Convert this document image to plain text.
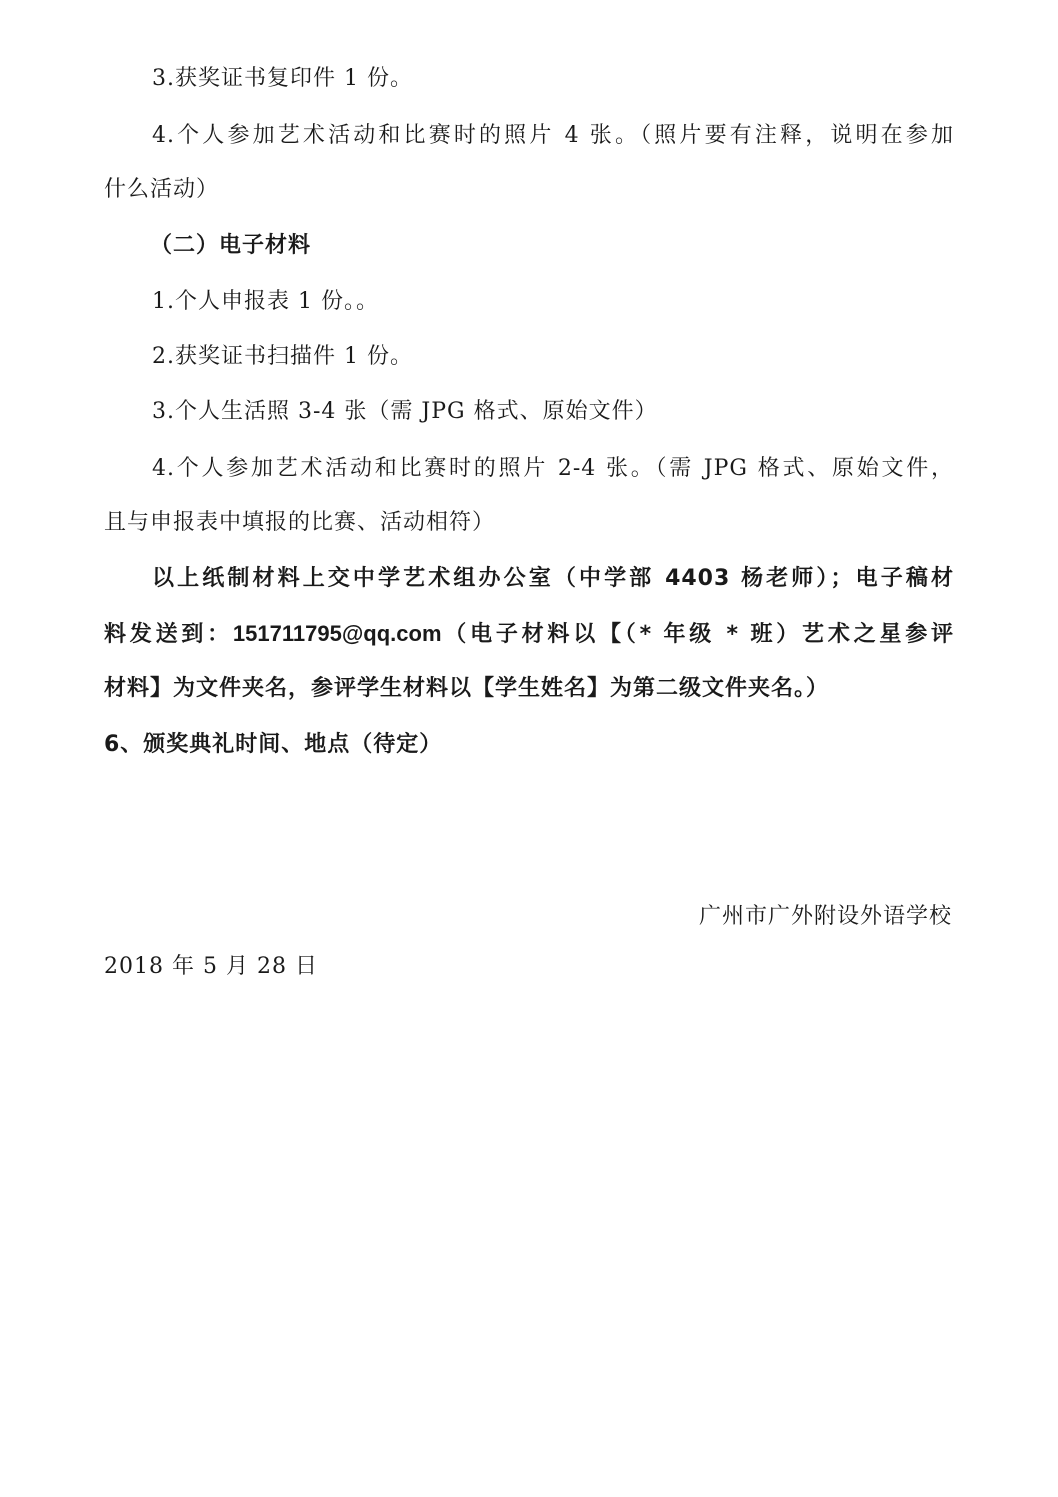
3.获奖证书复印件 1 份。
4.个人参加艺术活动和比赛时的照片 4 张。（照片要有注释，说明在参加
什么活动）
（二）电子材料
1.个人申报表 1 份。。
2.获奖证书扫描件 1 份。
3.个人生活照 3-4 张（需 JPG 格式、原始文件）
4.个人参加艺术活动和比赛时的照片 2-4 张。（需 JPG 格式、原始文件，
且与申报表中填报的比赛、活动相符）
以上纸制材料上交中学艺术组办公室（中学部 4403 杨老师）；电子稿材
料发送到：151711795@qq.com（电子材料以【（* 年级 * 班）艺术之星参评
材料】为文件夹名，参评学生材料以【学生姓名】为第二级文件夹名。）
6、颁奖典礼时间、地点（待定）
广州市广外附设外语学校
2018 年 5 月 28 日
